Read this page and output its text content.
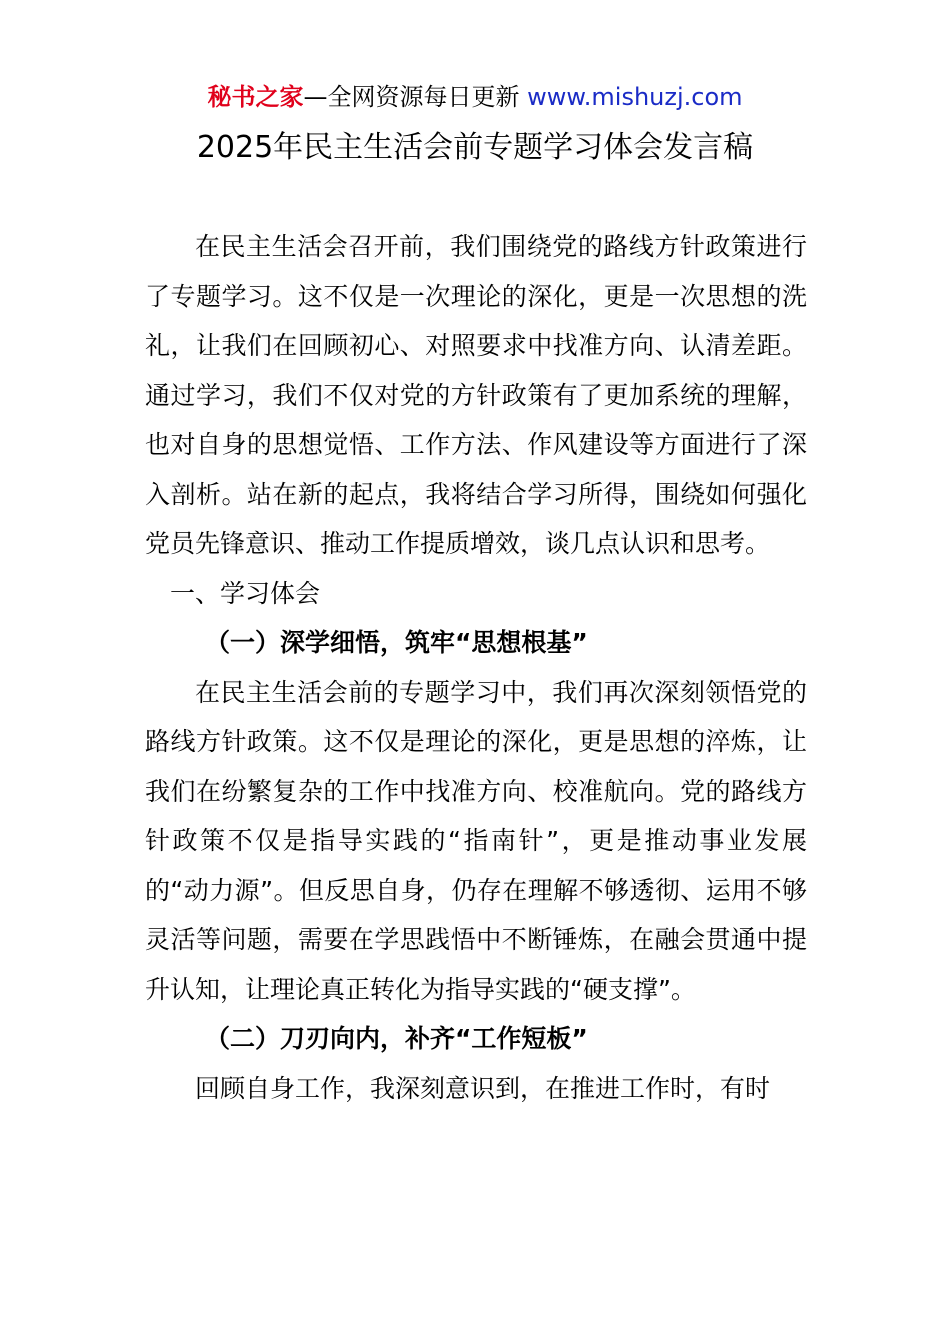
秘书之家—全网资源每日更新 www.mishuzj.com
2025年民主生活会前专题学习体会发言稿

在民主生活会召开前，我们围绕党的路线方针政策进行了专题学习。这不仅是一次理论的深化，更是一次思想的洗礼，让我们在回顾初心、对照要求中找准方向、认清差距。通过学习，我们不仅对党的方针政策有了更加系统的理解，也对自身的思想觉悟、工作方法、作风建设等方面进行了深入剖析。站在新的起点，我将结合学习所得，围绕如何强化党员先锋意识、推动工作提质增效，谈几点认识和思考。

一、学习体会

（一）深学细悟，筑牢“思想根基”

在民主生活会前的专题学习中，我们再次深刻领悟党的路线方针政策。这不仅是理论的深化，更是思想的淬炼，让我们在纷繁复杂的工作中找准方向、校准航向。党的路线方针政策不仅是指导实践的“指南针”，更是推动事业发展的“动力源”。但反思自身，仍存在理解不够透彻、运用不够灵活等问题，需要在学思践悟中不断锤炼，在融会贯通中提升认知，让理论真正转化为指导实践的“硬支撑”。

（二）刀刃向内，补齐“工作短板”

回顾自身工作，我深刻意识到，在推进工作时，有时
